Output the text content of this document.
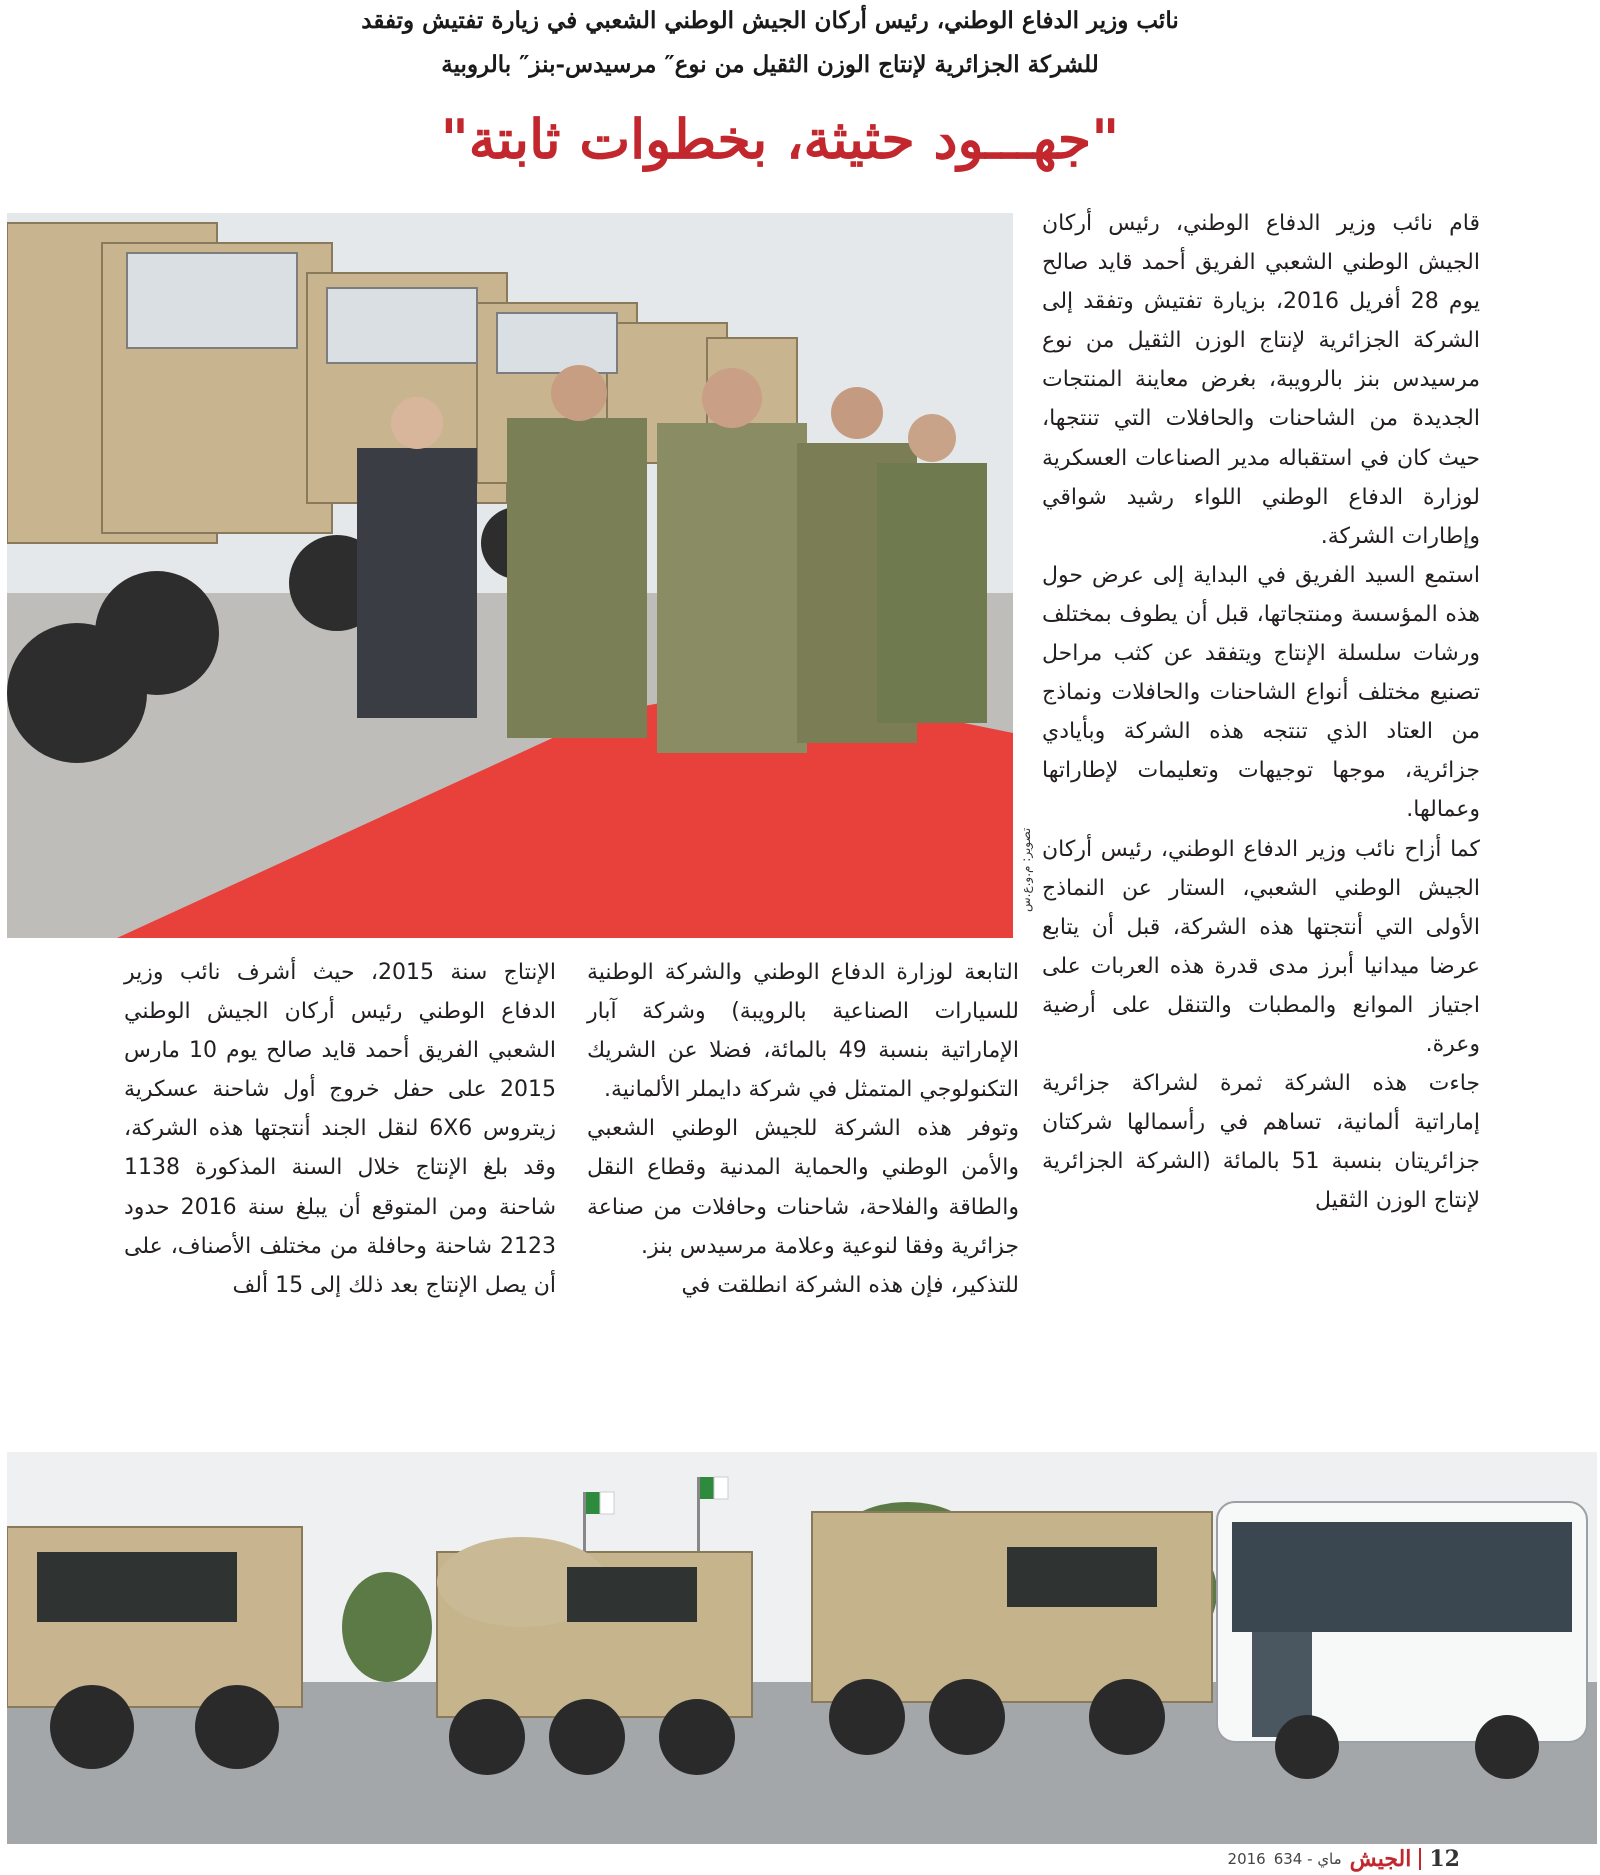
نائب وزير الدفاع الوطني، رئيس أركان الجيش الوطني الشعبي في زيارة تفتيش وتفقد
للشركة الجزائرية لإنتاج الوزن الثقيل من نوع″ مرسيدس-بنز″ بالروبية
"جهـــود حثيثة، بخطوات ثابتة"
تصوير: م.و.ع.س

قام نائب وزير الدفاع الوطني، رئيس أركان الجيش الوطني الشعبي الفريق أحمد قايد صالح يوم 28 أفريل 2016، بزيارة تفتيش وتفقد إلى الشركة الجزائرية لإنتاج الوزن الثقيل من نوع مرسيدس بنز بالرويبة، بغرض معاينة المنتجات الجديدة من الشاحنات والحافلات التي تنتجها، حيث كان في استقباله مدير الصناعات العسكرية لوزارة الدفاع الوطني اللواء رشيد شواقي وإطارات الشركة.

استمع السيد الفريق في البداية إلى عرض حول هذه المؤسسة ومنتجاتها، قبل أن يطوف بمختلف ورشات سلسلة الإنتاج ويتفقد عن كثب مراحل تصنيع مختلف أنواع الشاحنات والحافلات ونماذج من العتاد الذي تنتجه هذه الشركة وبأيادي جزائرية، موجها توجيهات وتعليمات لإطاراتها وعمالها.

كما أزاح نائب وزير الدفاع الوطني، رئيس أركان الجيش الوطني الشعبي، الستار عن النماذج الأولى التي أنتجتها هذه الشركة، قبل أن يتابع عرضا ميدانيا أبرز مدى قدرة هذه العربات على اجتياز الموانع والمطبات والتنقل على أرضية وعرة.

جاءت هذه الشركة ثمرة لشراكة جزائرية إماراتية ألمانية، تساهم في رأسمالها شركتان جزائريتان بنسبة 51 بالمائة (الشركة الجزائرية لإنتاج الوزن الثقيل

التابعة لوزارة الدفاع الوطني والشركة الوطنية للسيارات الصناعية بالرويبة) وشركة آبار الإماراتية بنسبة 49 بالمائة، فضلا عن الشريك التكنولوجي المتمثل في شركة دايملر الألمانية.

وتوفر هذه الشركة للجيش الوطني الشعبي والأمن الوطني والحماية المدنية وقطاع النقل والطاقة والفلاحة، شاحنات وحافلات من صناعة جزائرية وفقا لنوعية وعلامة مرسيدس بنز.

للتذكير، فإن هذه الشركة انطلقت في

الإنتاج سنة 2015، حيث أشرف نائب وزير الدفاع الوطني رئيس أركان الجيش الوطني الشعبي الفريق أحمد قايد صالح يوم 10 مارس 2015 على حفل خروج أول شاحنة عسكرية زيتروس 6X6 لنقل الجند أنتجتها هذه الشركة، وقد بلغ الإنتاج خلال السنة المذكورة 1138 شاحنة ومن المتوقع أن يبلغ سنة 2016 حدود 2123 شاحنة وحافلة من مختلف الأصناف، على أن يصل الإنتاج بعد ذلك إلى 15 ألف

2016 634 - ماي الجيش 12
